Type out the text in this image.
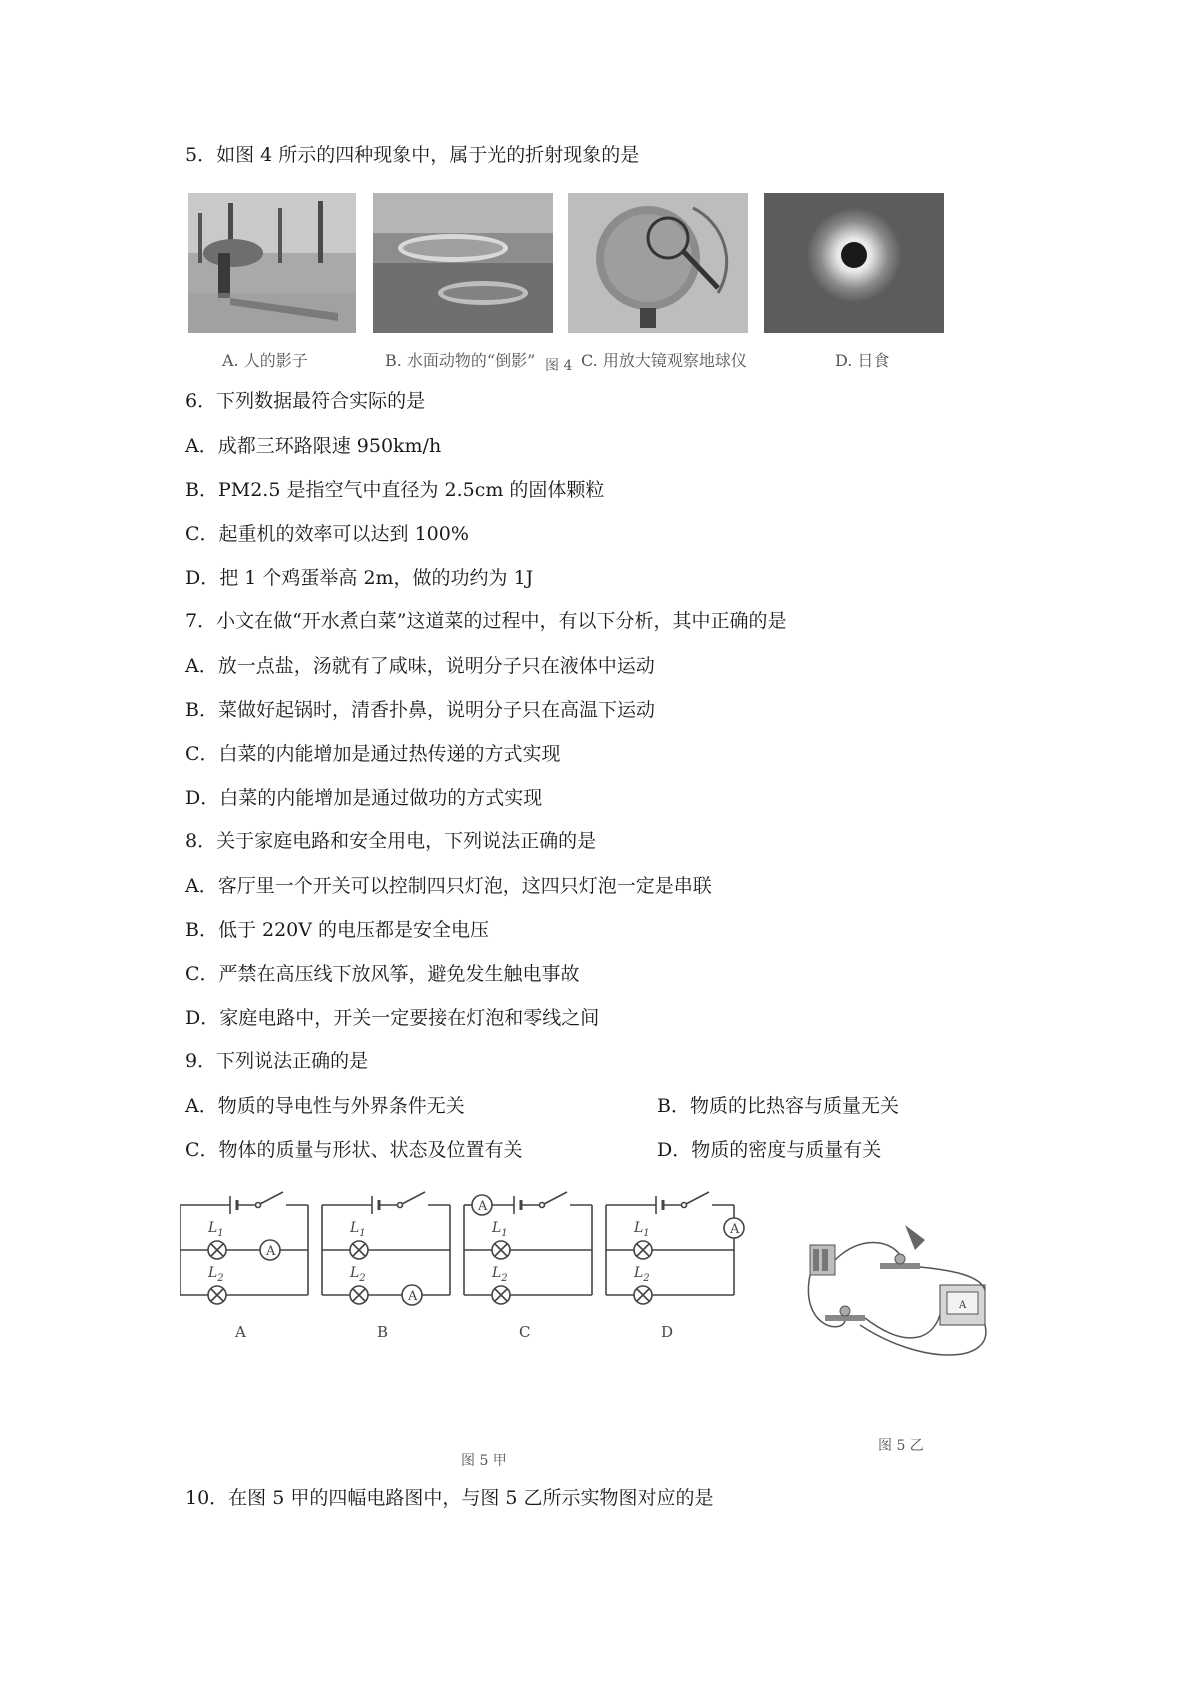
5．如图 4 所示的四种现象中，属于光的折射现象的是
A. 人的影子	B. 水面动物的“倒影”	C. 用放大镜观察地球仪	D. 日食
图 4
6．下列数据最符合实际的是
A．成都三环路限速 950km/h
B．PM2.5 是指空气中直径为 2.5cm 的固体颗粒
C．起重机的效率可以达到 100%
D．把 1 个鸡蛋举高 2m，做的功约为 1J
7．小文在做“开水煮白菜”这道菜的过程中，有以下分析，其中正确的是
A．放一点盐，汤就有了咸味，说明分子只在液体中运动
B．菜做好起锅时，清香扑鼻，说明分子只在高温下运动
C．白菜的内能增加是通过热传递的方式实现
D．白菜的内能增加是通过做功的方式实现
8．关于家庭电路和安全用电，下列说法正确的是
A．客厅里一个开关可以控制四只灯泡，这四只灯泡一定是串联
B．低于 220V 的电压都是安全电压
C．严禁在高压线下放风筝，避免发生触电事故
D．家庭电路中，开关一定要接在灯泡和零线之间
9．下列说法正确的是
A．物质的导电性与外界条件无关	B．物质的比热容与质量无关
C．物体的质量与形状、状态及位置有关	D．物质的密度与质量有关
$L_1$
A
$L_2$
A
$L_1$
$L_2$
A
B
A
$L_1$
$L_2$
C
$L_1$
$L_2$
A
D
图 5 甲
A
图 5 乙
10．在图 5 甲的四幅电路图中，与图 5 乙所示实物图对应的是
